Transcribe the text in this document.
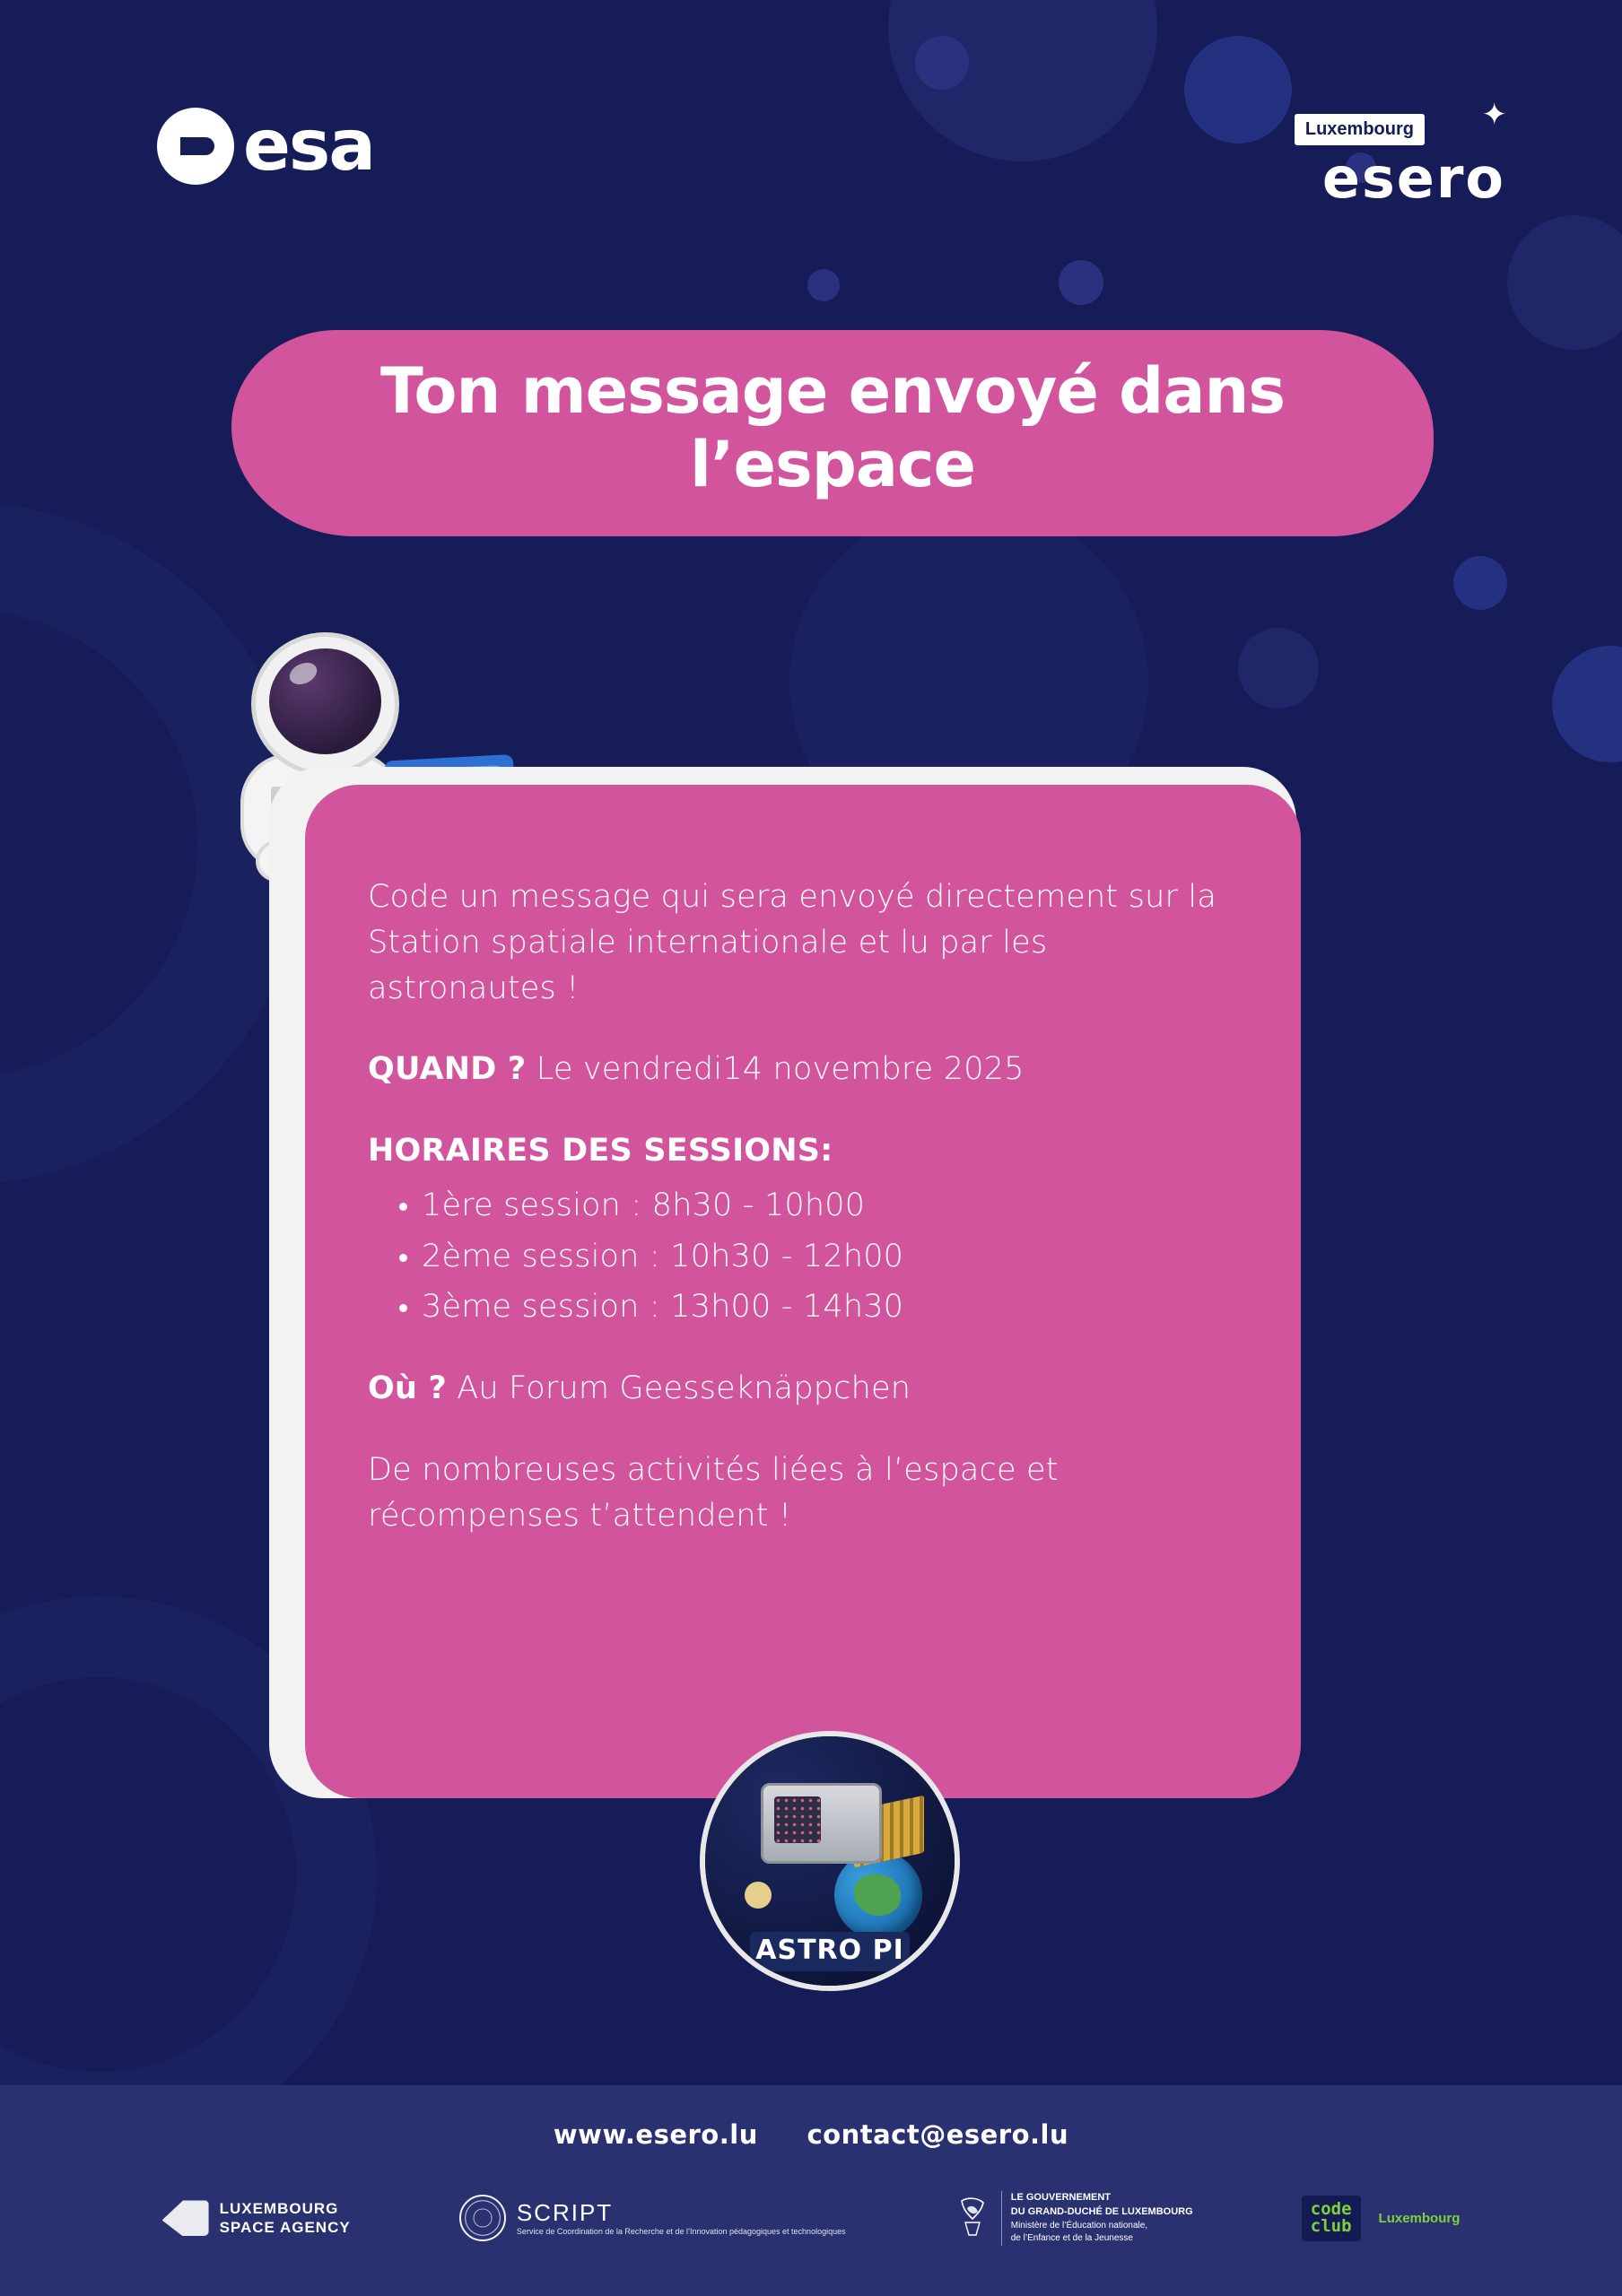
esa	Luxembourg
esero
✦
Ton message envoyé dans l’espace

Code un message qui sera envoyé directement sur la Station spatiale internationale et lu par les astronautes !

QUAND ? Le vendredi14 novembre 2025

HORAIRES DES SESSIONS:

• 1ère session : 8h30 - 10h00
• 2ème session : 10h30 - 12h00
• 3ème session : 13h00 - 14h30

Où ? Au Forum Geesseknäppchen

De nombreuses activités liées à l’espace et récompenses t’attendent !

ASTRO PI
www.esero.lu contact@esero.lu
LUXEMBOURG
SPACE AGENCY
SCRIPT
Service de Coordination de la Recherche et de l’Innovation pédagogiques et technologiques
LE GOUVERNEMENT
DU GRAND-DUCHÉ DE LUXEMBOURG
Ministère de l’Éducation nationale,
de l’Enfance et de la Jeunesse
code
club Luxembourg
